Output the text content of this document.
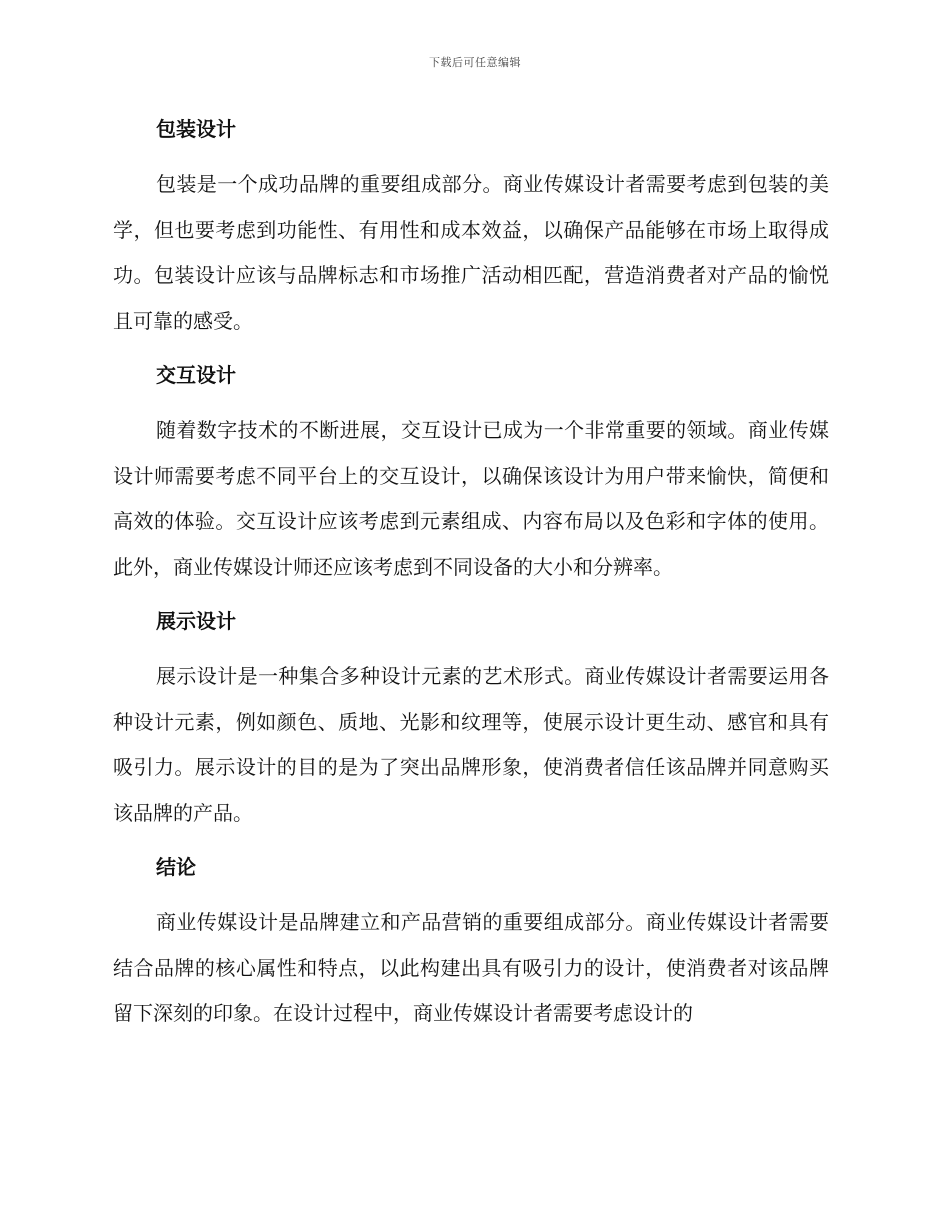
下载后可任意编辑
包装设计

包装是一个成功品牌的重要组成部分。商业传媒设计者需要考虑到包装的美学，但也要考虑到功能性、有用性和成本效益，以确保产品能够在市场上取得成功。包装设计应该与品牌标志和市场推广活动相匹配，营造消费者对产品的愉悦且可靠的感受。

交互设计

随着数字技术的不断进展，交互设计已成为一个非常重要的领域。商业传媒设计师需要考虑不同平台上的交互设计，以确保该设计为用户带来愉快，简便和高效的体验。交互设计应该考虑到元素组成、内容布局以及色彩和字体的使用。此外，商业传媒设计师还应该考虑到不同设备的大小和分辨率。

展示设计

展示设计是一种集合多种设计元素的艺术形式。商业传媒设计者需要运用各种设计元素，例如颜色、质地、光影和纹理等，使展示设计更生动、感官和具有吸引力。展示设计的目的是为了突出品牌形象，使消费者信任该品牌并同意购买该品牌的产品。

结论

商业传媒设计是品牌建立和产品营销的重要组成部分。商业传媒设计者需要结合品牌的核心属性和特点，以此构建出具有吸引力的设计，使消费者对该品牌留下深刻的印象。在设计过程中，商业传媒设计者需要考虑设计的
